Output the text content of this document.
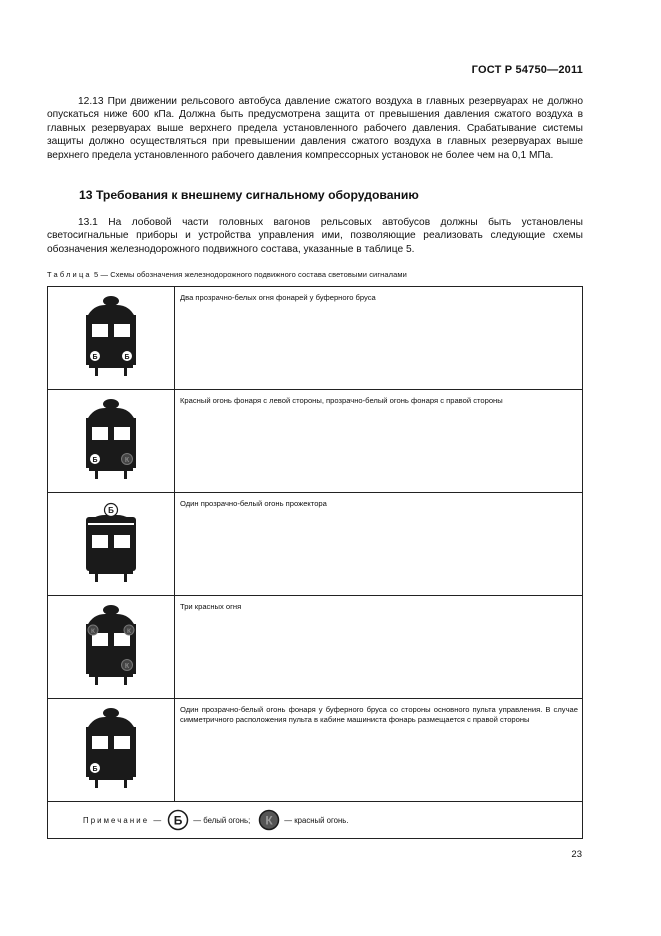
ГОСТ Р 54750—2011

12.13 При движении рельсового автобуса давление сжатого воздуха в главных резервуарах не должно опускаться ниже 600 кПа. Должна быть предусмотрена защита от превышения давления сжатого воздуха в главных резервуарах выше верхнего предела установленного рабочего давления. Срабатывание системы защиты должно осуществляться при превышении давления сжатого воздуха в главных резервуарах выше верхнего предела установленного рабочего давления компрессорных установок не более чем на 0,1 МПа.

13 Требования к внешнему сигнальному оборудованию

13.1 На лобовой части головных вагонов рельсовых автобусов должны быть установлены светосигнальные приборы и устройства управления ими, позволяющие реализовать следующие схемы обозначения железнодорожного подвижного состава, указанные в таблице 5.

Таблица 5 — Схемы обозначения железнодорожного подвижного состава световыми сигналами

Б	Б
Два прозрачно-белых огня фонарей у буферного бруса
Б	К
Красный огонь фонаря с левой стороны, прозрачно-белый огонь фонаря с правой стороны
Б
Один прозрачно-белый огонь прожектора
К	К
К
Три красных огня
Б
Один прозрачно-белый огонь фонаря у буферного бруса со стороны основного пульта управления. В случае симметричного расположения пульта в кабине машиниста фонарь размещается с правой стороны
Примечание — Б — белый огонь; К — красный огонь.
23
